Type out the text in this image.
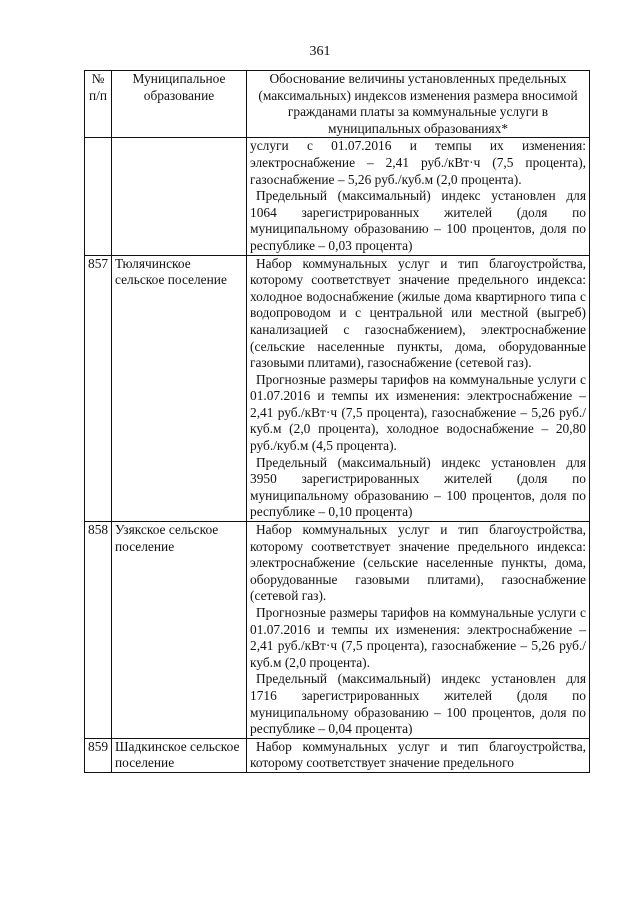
361
№
п/п	Муниципальное образование	Обоснование величины установленных предельных (максимальных) индексов изменения размера вносимой гражданами платы за коммунальные услуги в муниципальных образованиях*

		услуги с 01.07.2016 и темпы их изменения: электроснабжение – 2,41 руб./кВт·ч (7,5 процента), газоснабжение – 5,26 руб./куб.м (2,0 процента).

Предельный (максимальный) индекс установлен для 1064 зарегистрированных жителей (доля по муниципальному образованию – 100 процентов, доля по республике – 0,03 процента)

857	Тюлячинское сельское поселение	Набор коммунальных услуг и тип благоустройства, которому соответствует значение предельного индекса: холодное водоснабжение (жилые дома квартирного типа с водопроводом и с центральной или местной (выгреб) канализацией с газоснабжением), электроснабжение (сельские населенные пункты, дома, оборудованные газовыми плитами), газоснабжение (сетевой газ).

Прогнозные размеры тарифов на коммунальные услуги с 01.07.2016 и темпы их изменения: электроснабжение – 2,41 руб./кВт·ч (7,5 процента), газоснабжение – 5,26 руб./куб.м (2,0 процента), холодное водоснабжение – 20,80 руб./куб.м (4,5 процента).

Предельный (максимальный) индекс установлен для 3950 зарегистрированных жителей (доля по муниципальному образованию – 100 процентов, доля по республике – 0,10 процента)

858	Узякское сельское поселение	Набор коммунальных услуг и тип благоустройства, которому соответствует значение предельного индекса: электроснабжение (сельские населенные пункты, дома, оборудованные газовыми плитами), газоснабжение (сетевой газ).

Прогнозные размеры тарифов на коммунальные услуги с 01.07.2016 и темпы их изменения: электроснабжение – 2,41 руб./кВт·ч (7,5 процента), газоснабжение – 5,26 руб./куб.м (2,0 процента).

Предельный (максимальный) индекс установлен для 1716 зарегистрированных жителей (доля по муниципальному образованию – 100 процентов, доля по республике – 0,04 процента)

859	Шадкинское сельское поселение	Набор коммунальных услуг и тип благоустройства, которому соответствует значение предельного
